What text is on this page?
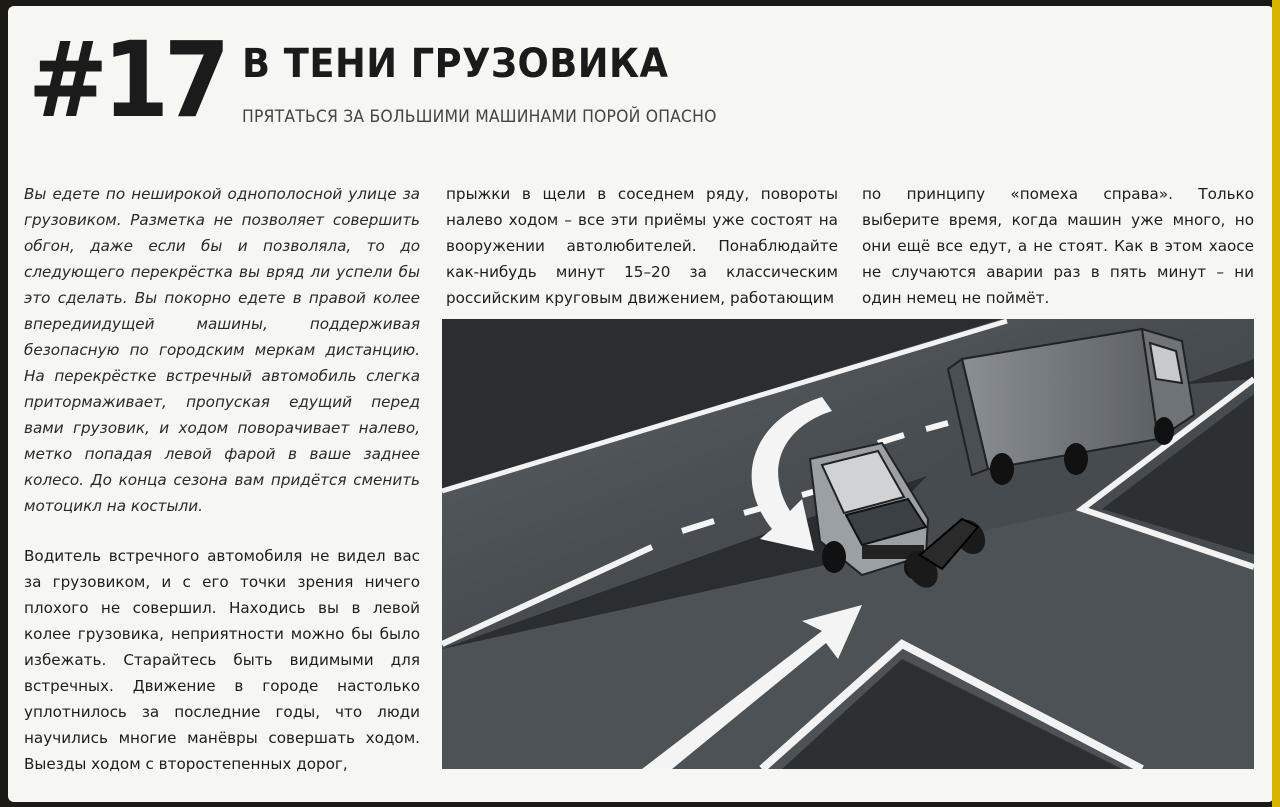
#17 В ТЕНИ ГРУЗОВИКА
ПРЯТАТЬСЯ ЗА БОЛЬШИМИ МАШИНАМИ ПОРОЙ ОПАСНО

Вы едете по неширокой однополосной улице за грузовиком. Разметка не позволяет совершить обгон, даже если бы и позволяла, то до следующего перекрёстка вы вряд ли успели бы это сделать. Вы покорно едете в правой колее впередиидущей машины, поддерживая безопасную по городским меркам дистанцию. На перекрёстке встречный автомобиль слегка притормаживает, пропуская едущий перед вами грузовик, и ходом поворачивает налево, метко попадая левой фарой в ваше заднее колесо. До конца сезона вам придётся сменить мотоцикл на костыли.

Водитель встречного автомобиля не видел вас за грузовиком, и с его точки зрения ничего плохого не совершил. Находись вы в левой колее грузовика, неприятности можно бы было избежать. Старайтесь быть видимыми для встречных. Движение в городе настолько уплотнилось за последние годы, что люди научились многие манёвры совершать ходом. Выезды ходом с второстепенных дорог,

прыжки в щели в соседнем ряду, повороты налево ходом – все эти приёмы уже состоят на вооружении автолюбителей. Понаблюдайте как-нибудь минут 15–20 за классическим российским круговым движением, работающим

по принципу «помеха справа». Только выберите время, когда машин уже много, но они ещё все едут, а не стоят. Как в этом хаосе не случаются аварии раз в пять минут – ни один немец не поймёт.
